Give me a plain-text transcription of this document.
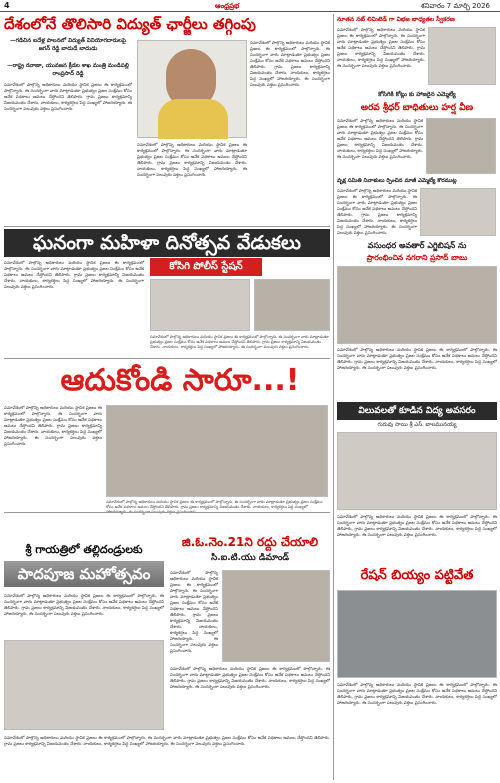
4	ఆంధ్రప్రభ	శనివారం 7 మార్చి 2026
దేశంలోనే తొలిసారి విద్యుత్ ఛార్జీలు తగ్గింపు
—గడిచిన ఐదేళ్ల పాలనలో విద్యుత్ వినియోగదారులపై జగన్ రెడ్డి బాదుడే బాదుడు
—రాష్ట్ర రవాణా, యువజన క్రీడల శాఖ మంత్రి మండిపల్లి రాంప్రసాద్ రెడ్డి
సమావేశంలో పాల్గొన్న అధికారులు మరియు స్థానిక ప్రజలు ఈ కార్యక్రమంలో పాల్గొన్నారు. ఈ సందర్భంగా వారు మాట్లాడుతూ ప్రభుత్వం ప్రజల సంక్షేమం కోసం అనేక పథకాలు అమలు చేస్తోందని తెలిపారు. గ్రామ ప్రజలు కార్యక్రమాన్ని విజయవంతం చేశారు. నాయకులు, కార్యకర్తలు పెద్ద సంఖ్యలో హాజరయ్యారు. ఈ సందర్భంగా పలువురు వక్తలు ప్రసంగించారు.
సమావేశంలో పాల్గొన్న అధికారులు మరియు స్థానిక ప్రజలు ఈ కార్యక్రమంలో పాల్గొన్నారు. ఈ సందర్భంగా వారు మాట్లాడుతూ ప్రభుత్వం ప్రజల సంక్షేమం కోసం అనేక పథకాలు అమలు చేస్తోందని తెలిపారు. గ్రామ ప్రజలు కార్యక్రమాన్ని విజయవంతం చేశారు. నాయకులు, కార్యకర్తలు పెద్ద సంఖ్యలో హాజరయ్యారు. ఈ సందర్భంగా పలువురు వక్తలు ప్రసంగించారు.
సమావేశంలో పాల్గొన్న అధికారులు మరియు స్థానిక ప్రజలు ఈ కార్యక్రమంలో పాల్గొన్నారు. ఈ సందర్భంగా వారు మాట్లాడుతూ ప్రభుత్వం ప్రజల సంక్షేమం కోసం అనేక పథకాలు అమలు చేస్తోందని తెలిపారు. గ్రామ ప్రజలు కార్యక్రమాన్ని విజయవంతం చేశారు. నాయకులు, కార్యకర్తలు పెద్ద సంఖ్యలో హాజరయ్యారు. ఈ సందర్భంగా పలువురు వక్తలు ప్రసంగించారు.
ఘనంగా మహిళా దినోత్సవ వేడుకలు
కోసిగి పోలీస్ స్టేషన్
సమావేశంలో పాల్గొన్న అధికారులు మరియు స్థానిక ప్రజలు ఈ కార్యక్రమంలో పాల్గొన్నారు. ఈ సందర్భంగా వారు మాట్లాడుతూ ప్రభుత్వం ప్రజల సంక్షేమం కోసం అనేక పథకాలు అమలు చేస్తోందని తెలిపారు. గ్రామ ప్రజలు కార్యక్రమాన్ని విజయవంతం చేశారు. నాయకులు, కార్యకర్తలు పెద్ద సంఖ్యలో హాజరయ్యారు. ఈ సందర్భంగా పలువురు వక్తలు ప్రసంగించారు.
సమావేశంలో పాల్గొన్న అధికారులు మరియు స్థానిక ప్రజలు ఈ కార్యక్రమంలో పాల్గొన్నారు. ఈ సందర్భంగా వారు మాట్లాడుతూ ప్రభుత్వం ప్రజల సంక్షేమం కోసం అనేక పథకాలు అమలు చేస్తోందని తెలిపారు. గ్రామ ప్రజలు కార్యక్రమాన్ని విజయవంతం చేశారు. నాయకులు, కార్యకర్తలు పెద్ద సంఖ్యలో హాజరయ్యారు. ఈ సందర్భంగా పలువురు వక్తలు ప్రసంగించారు.
ఆదుకోండి సారూ...!
సమావేశంలో పాల్గొన్న అధికారులు మరియు స్థానిక ప్రజలు ఈ కార్యక్రమంలో పాల్గొన్నారు. ఈ సందర్భంగా వారు మాట్లాడుతూ ప్రభుత్వం ప్రజల సంక్షేమం కోసం అనేక పథకాలు అమలు చేస్తోందని తెలిపారు. గ్రామ ప్రజలు కార్యక్రమాన్ని విజయవంతం చేశారు. నాయకులు, కార్యకర్తలు పెద్ద సంఖ్యలో హాజరయ్యారు. ఈ సందర్భంగా పలువురు వక్తలు ప్రసంగించారు.
సమావేశంలో పాల్గొన్న అధికారులు మరియు స్థానిక ప్రజలు ఈ కార్యక్రమంలో పాల్గొన్నారు. ఈ సందర్భంగా వారు మాట్లాడుతూ ప్రభుత్వం ప్రజల సంక్షేమం కోసం అనేక పథకాలు అమలు చేస్తోందని తెలిపారు. గ్రామ ప్రజలు కార్యక్రమాన్ని విజయవంతం చేశారు. నాయకులు, కార్యకర్తలు పెద్ద సంఖ్యలో
శ్రీ గాయత్రిలో తల్లిదండ్రులకు
పాదపూజ మహోత్సవం
సమావేశంలో పాల్గొన్న అధికారులు మరియు స్థానిక ప్రజలు ఈ కార్యక్రమంలో పాల్గొన్నారు. ఈ సందర్భంగా వారు మాట్లాడుతూ ప్రభుత్వం ప్రజల సంక్షేమం కోసం అనేక పథకాలు అమలు చేస్తోందని తెలిపారు. గ్రామ ప్రజలు కార్యక్రమాన్ని విజయవంతం చేశారు. నాయకులు, కార్యకర్తలు పెద్ద సంఖ్యలో హాజరయ్యారు. ఈ సందర్భంగా పలువురు వక్తలు ప్రసంగించారు.
సమావేశంలో పాల్గొన్న అధికారులు మరియు స్థానిక ప్రజలు ఈ కార్యక్రమంలో పాల్గొన్నారు. ఈ సందర్భంగా వారు మాట్లాడుతూ ప్రభుత్వం ప్రజల సంక్షేమం కోసం అనేక పథకాలు అమలు చేస్తోందని తెలిపారు. గ్రామ ప్రజలు కార్యక్రమాన్ని విజయవంతం చేశారు. నాయకులు, కార్యకర్తలు పెద్ద సంఖ్యలో హాజరయ్యారు. ఈ సందర్భంగా పలువురు వక్తలు ప్రసంగించారు.
జి.ఓ.నెం.21ని రద్దు చేయాలి
సి.ఐ.టి.యు డిమాండ్
సమావేశంలో పాల్గొన్న అధికారులు మరియు స్థానిక ప్రజలు ఈ కార్యక్రమంలో పాల్గొన్నారు. ఈ సందర్భంగా వారు మాట్లాడుతూ ప్రభుత్వం ప్రజల సంక్షేమం కోసం అనేక పథకాలు అమలు చేస్తోందని తెలిపారు. గ్రామ ప్రజలు కార్యక్రమాన్ని విజయవంతం చేశారు. నాయకులు, కార్యకర్తలు పెద్ద సంఖ్యలో హాజరయ్యారు. ఈ సందర్భంగా పలువురు వక్తలు ప్రసంగించారు.
సమావేశంలో పాల్గొన్న అధికారులు మరియు స్థానిక ప్రజలు ఈ కార్యక్రమంలో పాల్గొన్నారు. ఈ సందర్భంగా వారు మాట్లాడుతూ ప్రభుత్వం ప్రజల సంక్షేమం కోసం అనేక పథకాలు అమలు చేస్తోందని తెలిపారు. గ్రామ ప్రజలు కార్యక్రమాన్ని విజయవంతం చేశారు. నాయకులు, కార్యకర్తలు పెద్ద సంఖ్యలో హాజరయ్యారు. ఈ సందర్భంగా పలువురు వక్తలు ప్రసంగించారు.
నూతన నట్ లిమిటెడ్ గా విభజ బాధ్యతల స్వీకరణ
సమావేశంలో పాల్గొన్న అధికారులు మరియు స్థానిక ప్రజలు ఈ కార్యక్రమంలో పాల్గొన్నారు. ఈ సందర్భంగా వారు మాట్లాడుతూ ప్రభుత్వం ప్రజల సంక్షేమం కోసం అనేక పథకాలు అమలు చేస్తోందని తెలిపారు. గ్రామ ప్రజలు కార్యక్రమాన్ని విజయవంతం చేశారు. నాయకులు, కార్యకర్తలు పెద్ద సంఖ్యలో హాజరయ్యారు. ఈ సందర్భంగా పలువురు వక్తలు ప్రసంగించారు.
కోసిగికి కోట్లు కు హాజరైన ఎమ్మెల్యే
అరవ శ్రీధర్ బాధితులు హర్ష వీణ
సమావేశంలో పాల్గొన్న అధికారులు మరియు స్థానిక ప్రజలు ఈ కార్యక్రమంలో పాల్గొన్నారు. ఈ సందర్భంగా వారు మాట్లాడుతూ ప్రభుత్వం ప్రజల సంక్షేమం కోసం అనేక పథకాలు అమలు చేస్తోందని తెలిపారు. గ్రామ ప్రజలు కార్యక్రమాన్ని విజయవంతం చేశారు. నాయకులు, కార్యకర్తలు పెద్ద సంఖ్యలో హాజరయ్యారు. ఈ సందర్భంగా పలువురు వక్తలు ప్రసంగించారు.
వృక్ష సమితి నివాళులు ర్పించిన మాజీ ఎమ్మెల్యే కొరముట్ల
సమావేశంలో పాల్గొన్న అధికారులు మరియు స్థానిక ప్రజలు ఈ కార్యక్రమంలో పాల్గొన్నారు. ఈ సందర్భంగా వారు మాట్లాడుతూ ప్రభుత్వం ప్రజల సంక్షేమం కోసం అనేక పథకాలు అమలు చేస్తోందని తెలిపారు. గ్రామ ప్రజలు కార్యక్రమాన్ని విజయవంతం చేశారు. నాయకులు, కార్యకర్తలు పెద్ద సంఖ్యలో హాజరయ్యారు. ఈ సందర్భంగా పలువురు వక్తలు ప్రసంగించారు.
వసుంధర అవతార్ ఎగ్జిబిషన్ ను
ప్రారంభించిన నగరాని ప్రసాద్ బాబు
సమావేశంలో పాల్గొన్న అధికారులు మరియు స్థానిక ప్రజలు ఈ కార్యక్రమంలో పాల్గొన్నారు. ఈ సందర్భంగా వారు మాట్లాడుతూ ప్రభుత్వం ప్రజల సంక్షేమం కోసం అనేక పథకాలు అమలు చేస్తోందని తెలిపారు. గ్రామ ప్రజలు కార్యక్రమాన్ని విజయవంతం చేశారు. నాయకులు, కార్యకర్తలు పెద్ద సంఖ్యలో హాజరయ్యారు. ఈ సందర్భంగా పలువురు వక్తలు ప్రసంగించారు.
విలువలతో కూడిన విద్య అవసరం
గురువు సాయి శ్రీ ఎస్. బాలమునయ్య
సమావేశంలో పాల్గొన్న అధికారులు మరియు స్థానిక ప్రజలు ఈ కార్యక్రమంలో పాల్గొన్నారు. ఈ సందర్భంగా వారు మాట్లాడుతూ ప్రభుత్వం ప్రజల సంక్షేమం కోసం అనేక పథకాలు అమలు చేస్తోందని తెలిపారు. గ్రామ ప్రజలు కార్యక్రమాన్ని విజయవంతం చేశారు. నాయకులు, కార్యకర్తలు పెద్ద సంఖ్యలో హాజరయ్యారు. ఈ సందర్భంగా పలువురు వక్తలు ప్రసంగించారు.
రేషన్ బియ్యం పట్టివేత
సమావేశంలో పాల్గొన్న అధికారులు మరియు స్థానిక ప్రజలు ఈ కార్యక్రమంలో పాల్గొన్నారు. ఈ సందర్భంగా వారు మాట్లాడుతూ ప్రభుత్వం ప్రజల సంక్షేమం కోసం అనేక పథకాలు అమలు చేస్తోందని తెలిపారు. గ్రామ ప్రజలు కార్యక్రమాన్ని విజయవంతం చేశారు. నాయకులు, కార్యకర్తలు పెద్ద సంఖ్యలో హాజరయ్యారు. ఈ సందర్భంగా పలువురు వక్తలు ప్రసంగించారు.
